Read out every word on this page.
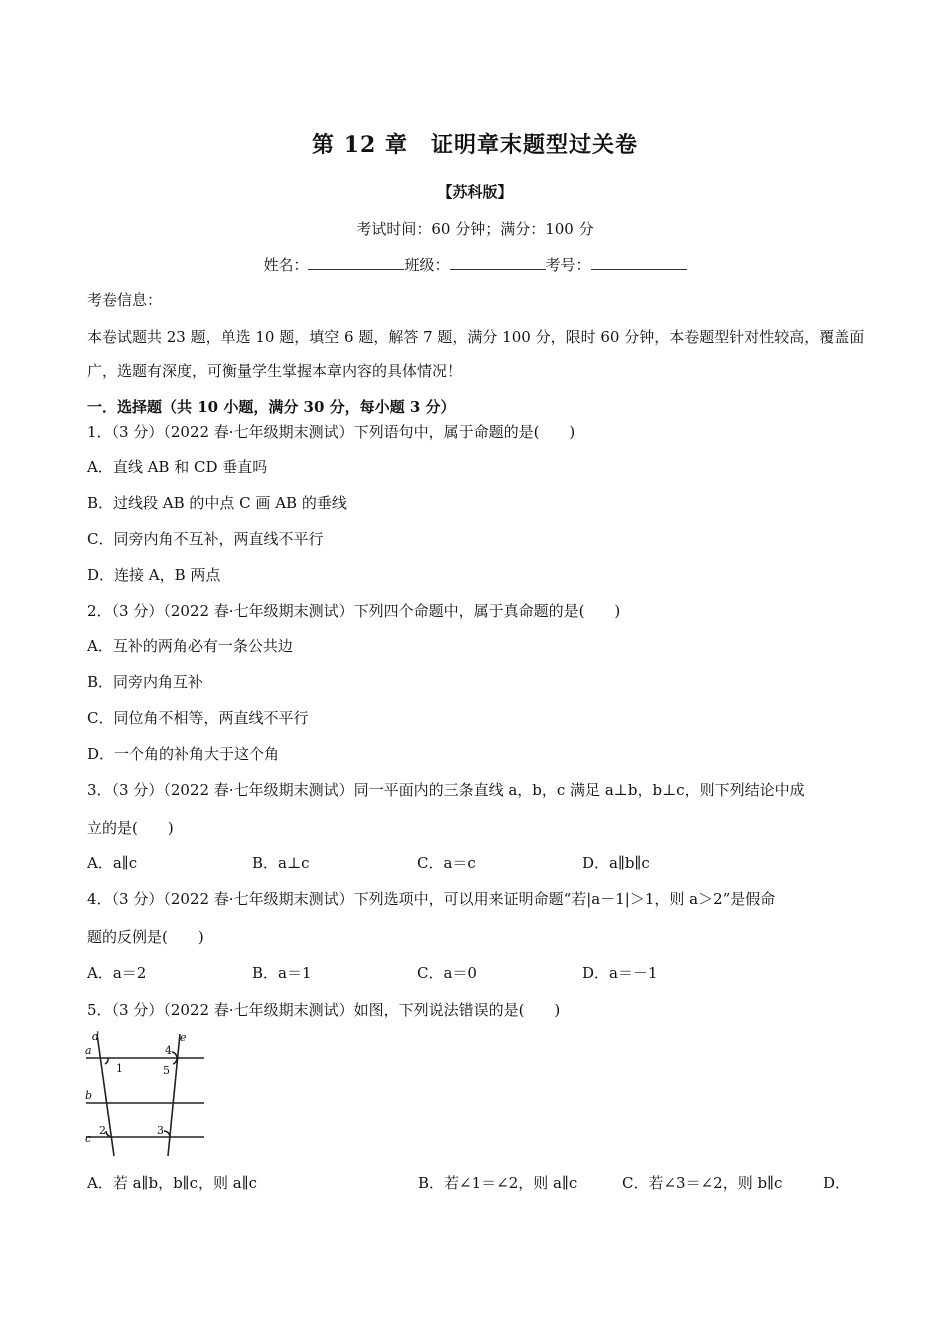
第 12 章　证明章末题型过关卷
【苏科版】
考试时间：60 分钟；满分：100 分
姓名：	班级：	考号：
考卷信息：
本卷试题共 23 题，单选 10 题，填空 6 题，解答 7 题，满分 100 分，限时 60 分钟，本卷题型针对性较高，覆盖面广，选题有深度，可衡量学生掌握本章内容的具体情况！
一．选择题（共 10 小题，满分 30 分，每小题 3 分）
1．（3 分）（2022 春·七年级期末测试）下列语句中，属于命题的是(　　)
A．直线 AB 和 CD 垂直吗
B．过线段 AB 的中点 C 画 AB 的垂线
C．同旁内角不互补，两直线不平行
D．连接 A，B 两点
2．（3 分）（2022 春·七年级期末测试）下列四个命题中，属于真命题的是(　　)
A．互补的两角必有一条公共边
B．同旁内角互补
C．同位角不相等，两直线不平行
D．一个角的补角大于这个角
3．（3 分）（2022 春·七年级期末测试）同一平面内的三条直线 a，b，c 满足 a⊥b，b⊥c，则下列结论中成
立的是(　　)
A．a∥c	B．a⊥c	C．a＝c	D．a∥b∥c
4．（3 分）（2022 春·七年级期末测试）下列选项中，可以用来证明命题“若|a－1|＞1，则 a＞2”是假命
题的反例是(　　)
A．a＝2	B．a＝1	C．a＝0	D．a＝－1
5．（3 分）（2022 春·七年级期末测试）如图，下列说法错误的是(　　)
d	e
a
b
c
1
2	3
4
5
A．若 a∥b，b∥c，则 a∥c	B．若∠1＝∠2，则 a∥c	C．若∠3＝∠2，则 b∥c	D．
